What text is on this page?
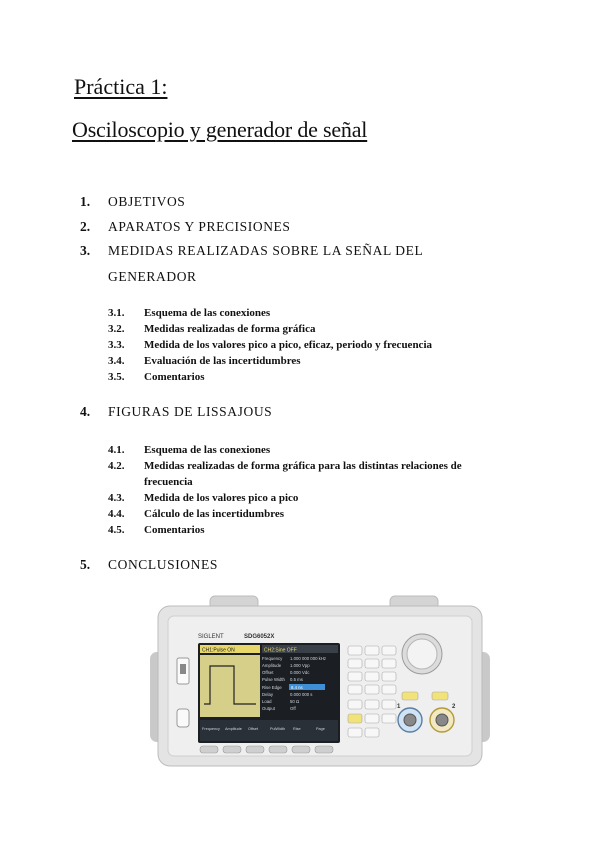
Práctica 1:
Osciloscopio y generador de señal
1. OBJETIVOS
2. APARATOS Y PRECISIONES
3. MEDIDAS REALIZADAS SOBRE LA SEÑAL DEL
GENERADOR
3.1.	Esquema de las conexiones
3.2.	Medidas realizadas de forma gráfica
3.3.	Medida de los valores pico a pico, eficaz, periodo y frecuencia
3.4.	Evaluación de las incertidumbres
3.5.	Comentarios
4. FIGURAS DE LISSAJOUS
4.1.	Esquema de las conexiones
4.2.	Medidas realizadas de forma gráfica para las distintas relaciones de
frecuencia
4.3.	Medida de los valores pico a pico
4.4.	Cálculo de las incertidumbres
4.5.	Comentarios
5. CONCLUSIONES
SIGLENT	SDG6052X
CH1:Pulse ON	CH2:Sine OFF
Frequency 1.000 000 000 kHz
Amplitude 1.000 Vpp
Offset	0.000 Vdc
Pulse Width 0.5 ms
Rise Edge 8.4 ns
Delay	0.000 000 s
Load	50 Ω
Output	Off
Frequency Amplitude Offset	PulWidth Rise	Page
1	2
